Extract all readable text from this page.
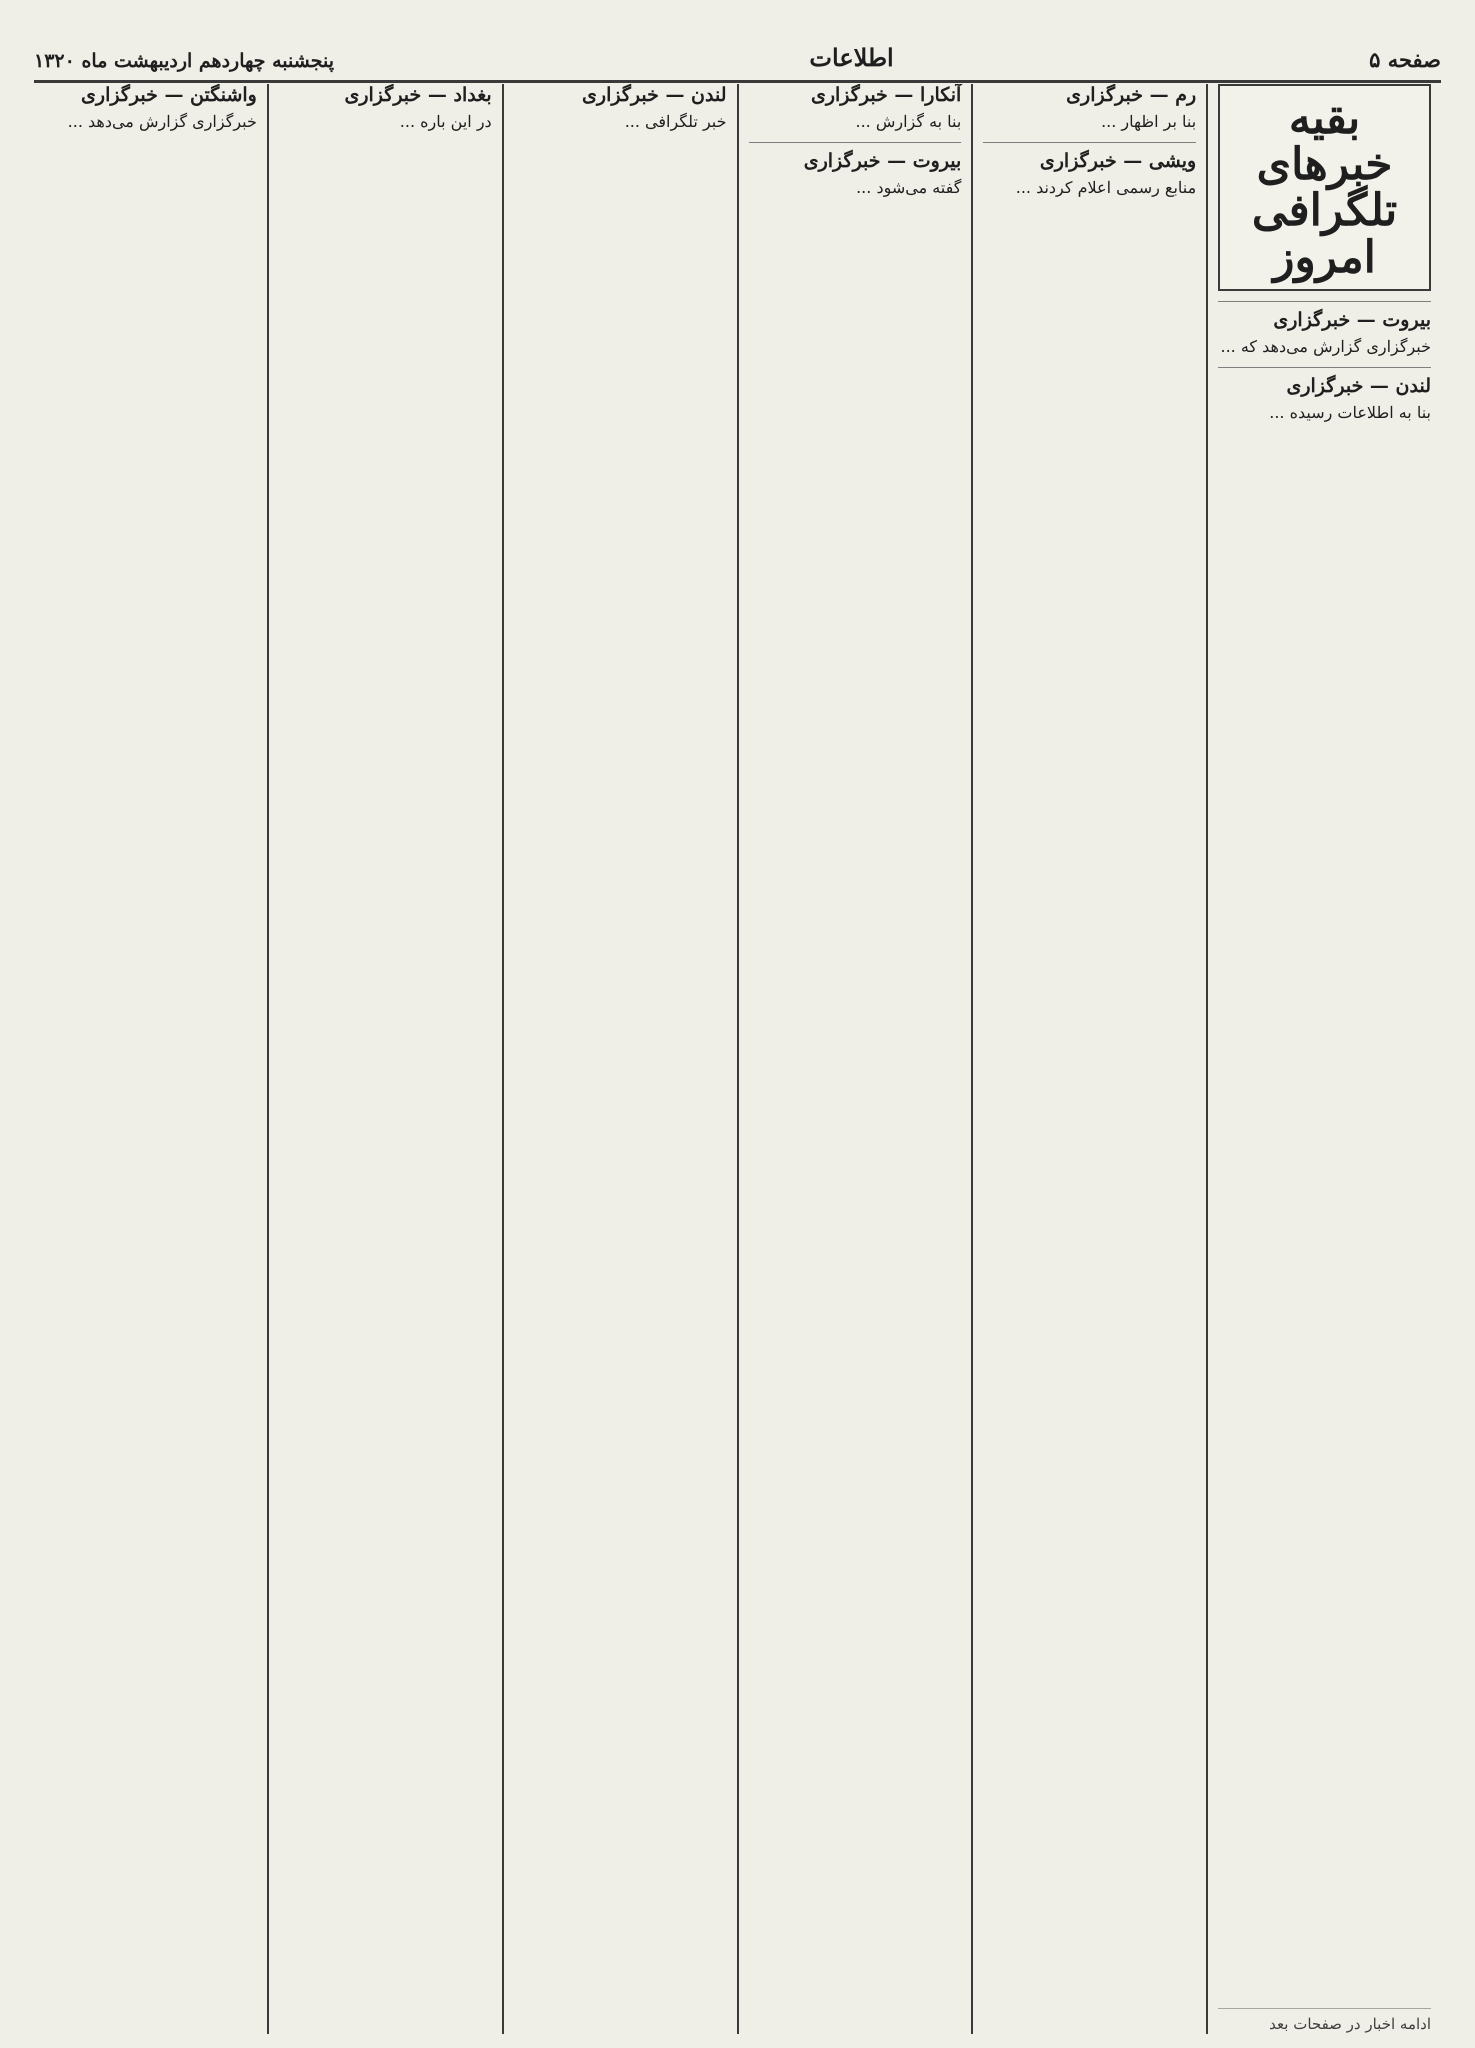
صفحه ۵
اطلاعات
پنجشنبه چهاردهم اردیبهشت ماه ۱۳۲۰
بقیه خبرهای تلگرافی امروز
بیروت — خبرگزاری
خبرگزاری گزارش می‌دهد که ...
لندن — خبرگزاری
بنا به اطلاعات رسیده ...
ادامه اخبار در صفحات بعد
رم — خبرگزاری
بنا بر اظهار ...
ویشی — خبرگزاری
منابع رسمی اعلام کردند ...
آنکارا — خبرگزاری
بنا به گزارش ...
بیروت — خبرگزاری
گفته می‌شود ...
لندن — خبرگزاری
خبر تلگرافی ...
بغداد — خبرگزاری
در این باره ...
واشنگتن — خبرگزاری
خبرگزاری گزارش می‌دهد ...
